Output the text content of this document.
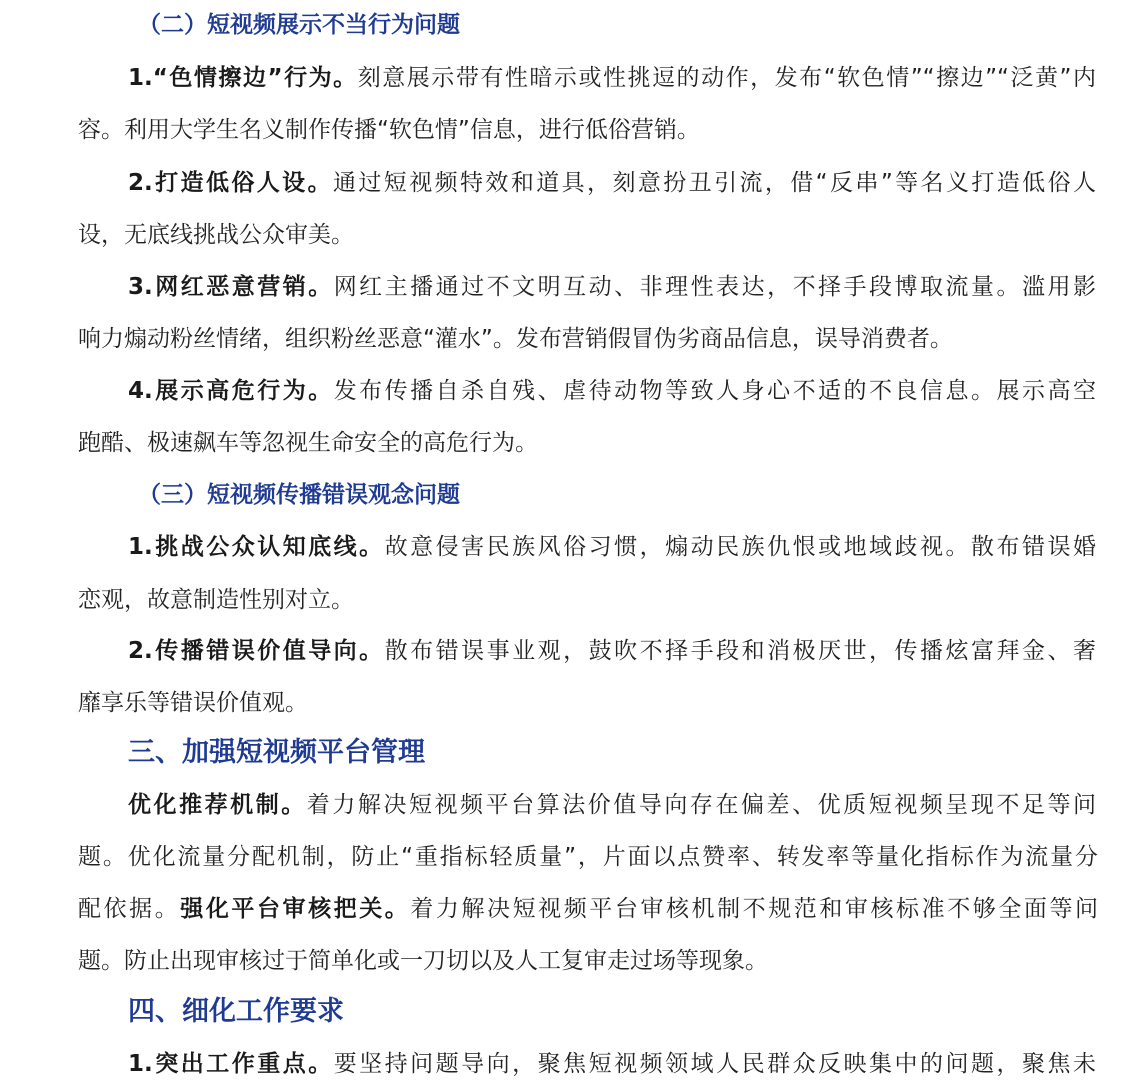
（二）短视频展示不当行为问题
1.“色情擦边”行为。刻意展示带有性暗示或性挑逗的动作，发布“软色情”“擦边”“泛黄”内
容。利用大学生名义制作传播“软色情”信息，进行低俗营销。
2.打造低俗人设。通过短视频特效和道具，刻意扮丑引流，借“反串”等名义打造低俗人
设，无底线挑战公众审美。
3.网红恶意营销。网红主播通过不文明互动、非理性表达，不择手段博取流量。滥用影
响力煽动粉丝情绪，组织粉丝恶意“灌水”。发布营销假冒伪劣商品信息，误导消费者。
4.展示高危行为。发布传播自杀自残、虐待动物等致人身心不适的不良信息。展示高空
跑酷、极速飙车等忽视生命安全的高危行为。
（三）短视频传播错误观念问题
1.挑战公众认知底线。故意侵害民族风俗习惯，煽动民族仇恨或地域歧视。散布错误婚
恋观，故意制造性别对立。
2.传播错误价值导向。散布错误事业观，鼓吹不择手段和消极厌世，传播炫富拜金、奢
靡享乐等错误价值观。
三、加强短视频平台管理
优化推荐机制。着力解决短视频平台算法价值导向存在偏差、优质短视频呈现不足等问
题。优化流量分配机制，防止“重指标轻质量”，片面以点赞率、转发率等量化指标作为流量分
配依据。强化平台审核把关。着力解决短视频平台审核机制不规范和审核标准不够全面等问
题。防止出现审核过于简单化或一刀切以及人工复审走过场等现象。
四、细化工作要求
1.突出工作重点。要坚持问题导向，聚焦短视频领域人民群众反映集中的问题，聚焦未
